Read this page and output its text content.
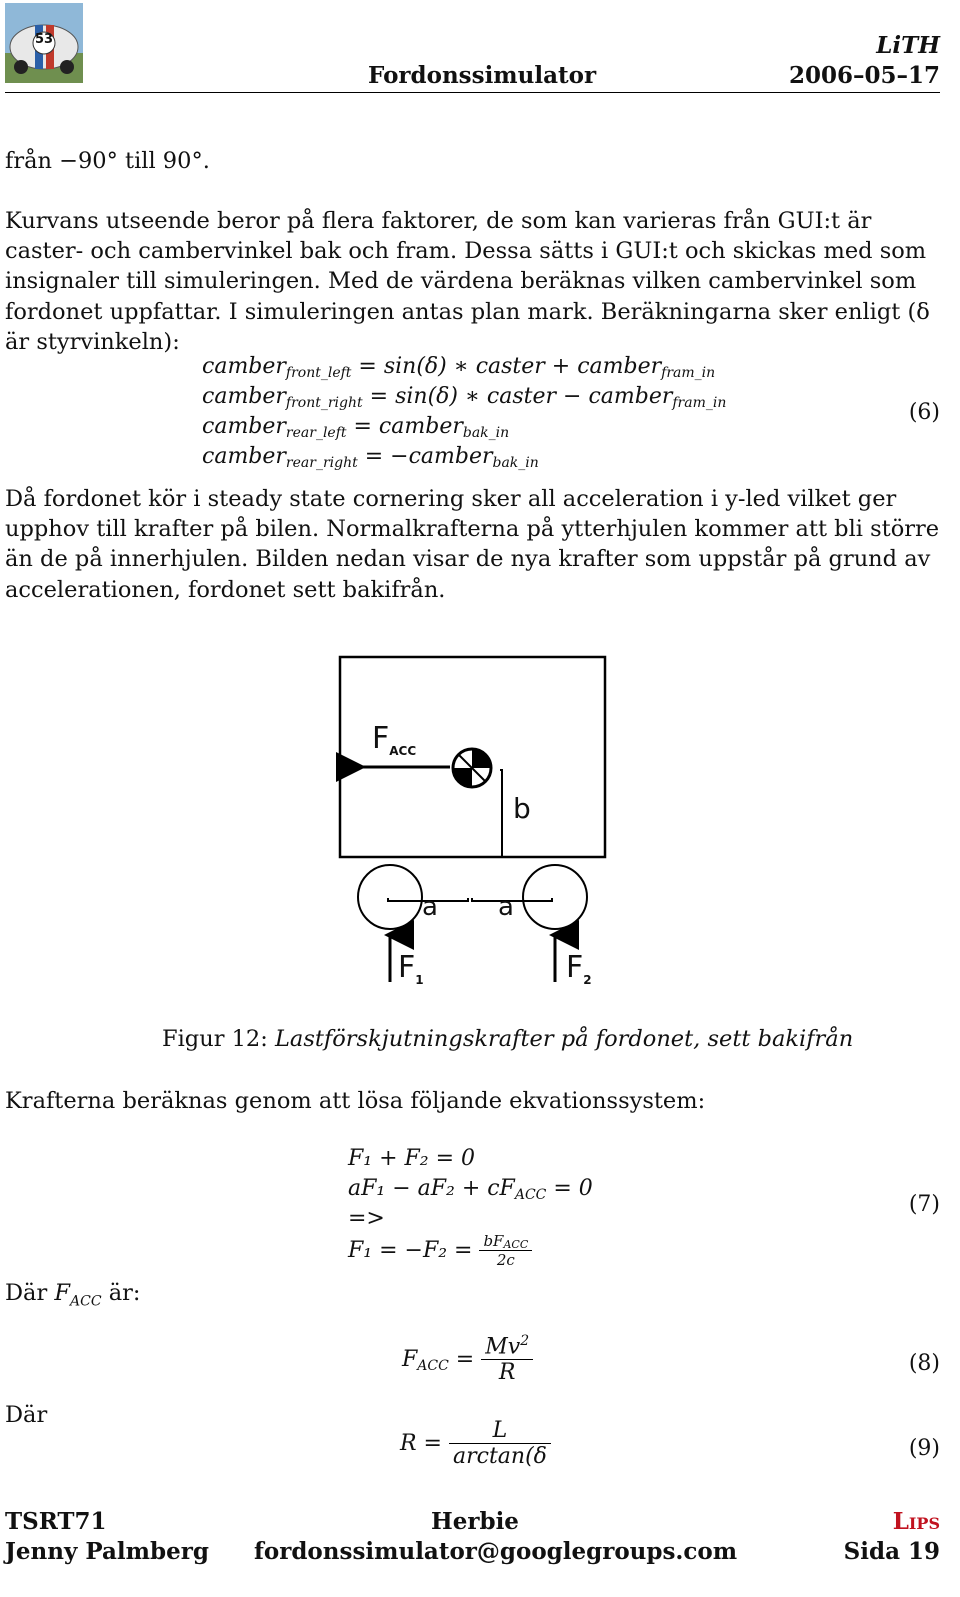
53	LiTH
Fordonssimulator	2006–05–17
från −90° till 90°.
Kurvans utseende beror på flera faktorer, de som kan varieras från GUI:t är caster- och cambervinkel bak och fram. Dessa sätts i GUI:t och skickas med som insignaler till simuleringen. Med de värdena beräknas vilken cambervinkel som fordonet uppfattar. I simuleringen antas plan mark. Beräkningarna sker enligt (δ är styrvinkeln):
camber$_{front\_left}$ = sin(δ) ∗ caster + camber$_{fram\_in}$
camber$_{front\_right}$ = sin(δ) ∗ caster − camber$_{fram\_in}$
camber$_{rear\_left}$ = camber$_{bak\_in}$
camber$_{rear\_right}$ = −camber$_{bak\_in}$
(6)
Då fordonet kör i steady state cornering sker all acceleration i y-led vilket ger upphov till krafter på bilen. Normalkrafterna på ytterhjulen kommer att bli större än de på innerhjulen. Bilden nedan visar de nya krafter som uppstår på grund av accelerationen, fordonet sett bakifrån.
$F_{ACC}$
b
a a
$F_1$	$F_2$
Figur 12: Lastförskjutningskrafter på fordonet, sett bakifrån
Krafterna beräknas genom att lösa följande ekvationssystem:
F₁ + F₂ = 0
$aF_1 - aF_2 + cF_{ACC} = 0$
=>
$F_1 = -F_2 = \frac{bF_{ACC}}{2c}$
(7)
Där $F_{ACC}$ är:
$F_{ACC} = \frac{Mv^2}{R}$	(8)
Där
$R = \frac{L}{\arctan(\delta}$	(9)
TSRT71
Jenny Palmberg
Herbie
fordonssimulator@googlegroups.com
Lips
Sida 19
